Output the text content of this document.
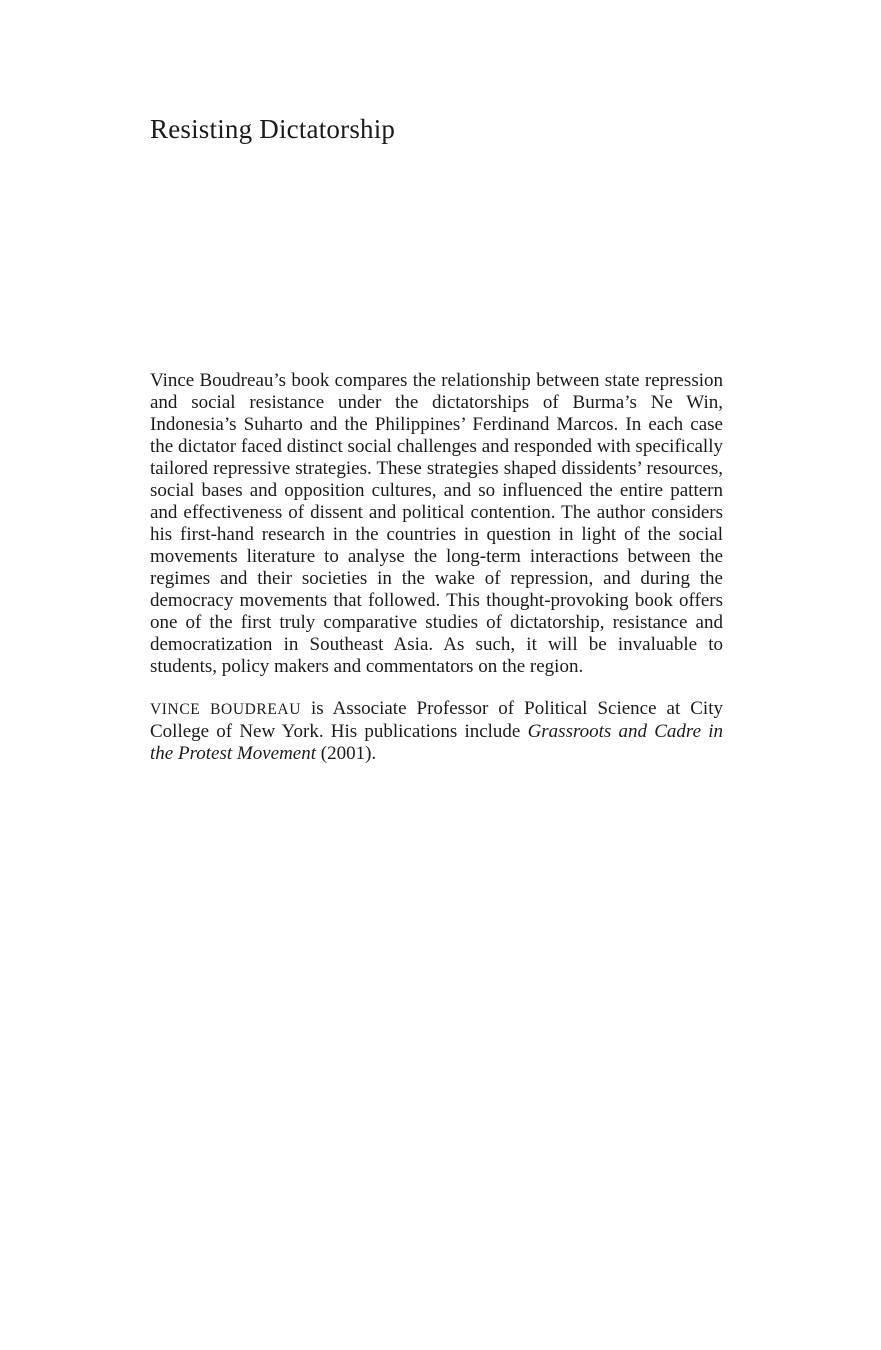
Resisting Dictatorship

Vince Boudreau’s book compares the relationship between state repression and social resistance under the dictatorships of Burma’s Ne Win, Indonesia’s Suharto and the Philippines’ Ferdinand Marcos. In each case the dictator faced distinct social challenges and responded with specifically tailored repressive strategies. These strategies shaped dissidents’ resources, social bases and opposition cultures, and so influenced the entire pattern and effectiveness of dissent and political contention. The author considers his first-hand research in the countries in question in light of the social movements literature to analyse the long-term interactions between the regimes and their societies in the wake of repression, and during the democracy movements that followed. This thought-provoking book offers one of the first truly comparative studies of dictatorship, resistance and democratization in Southeast Asia. As such, it will be invaluable to students, policy makers and commentators on the region.

VINCE BOUDREAU is Associate Professor of Political Science at City College of New York. His publications include Grassroots and Cadre in the Protest Movement (2001).
